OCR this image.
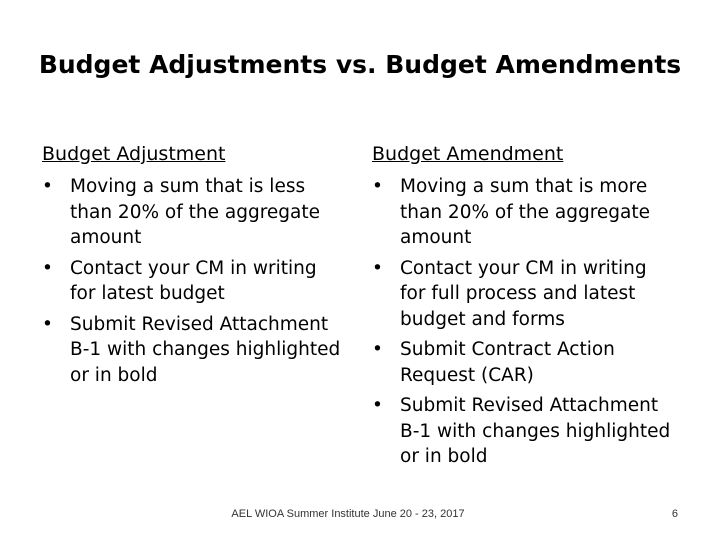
Budget Adjustments vs. Budget Amendments
Budget Adjustment
• Moving a sum that is less than 20% of the aggregate amount
• Contact your CM in writing for latest budget
• Submit Revised Attachment B-1 with changes highlighted or in bold
Budget Amendment
• Moving a sum that is more than 20% of the aggregate amount
• Contact your CM in writing for full process and latest budget and forms
• Submit Contract Action Request (CAR)
• Submit Revised Attachment B-1 with changes highlighted or in bold
AEL WIOA Summer Institute June 20 - 23, 2017	6
